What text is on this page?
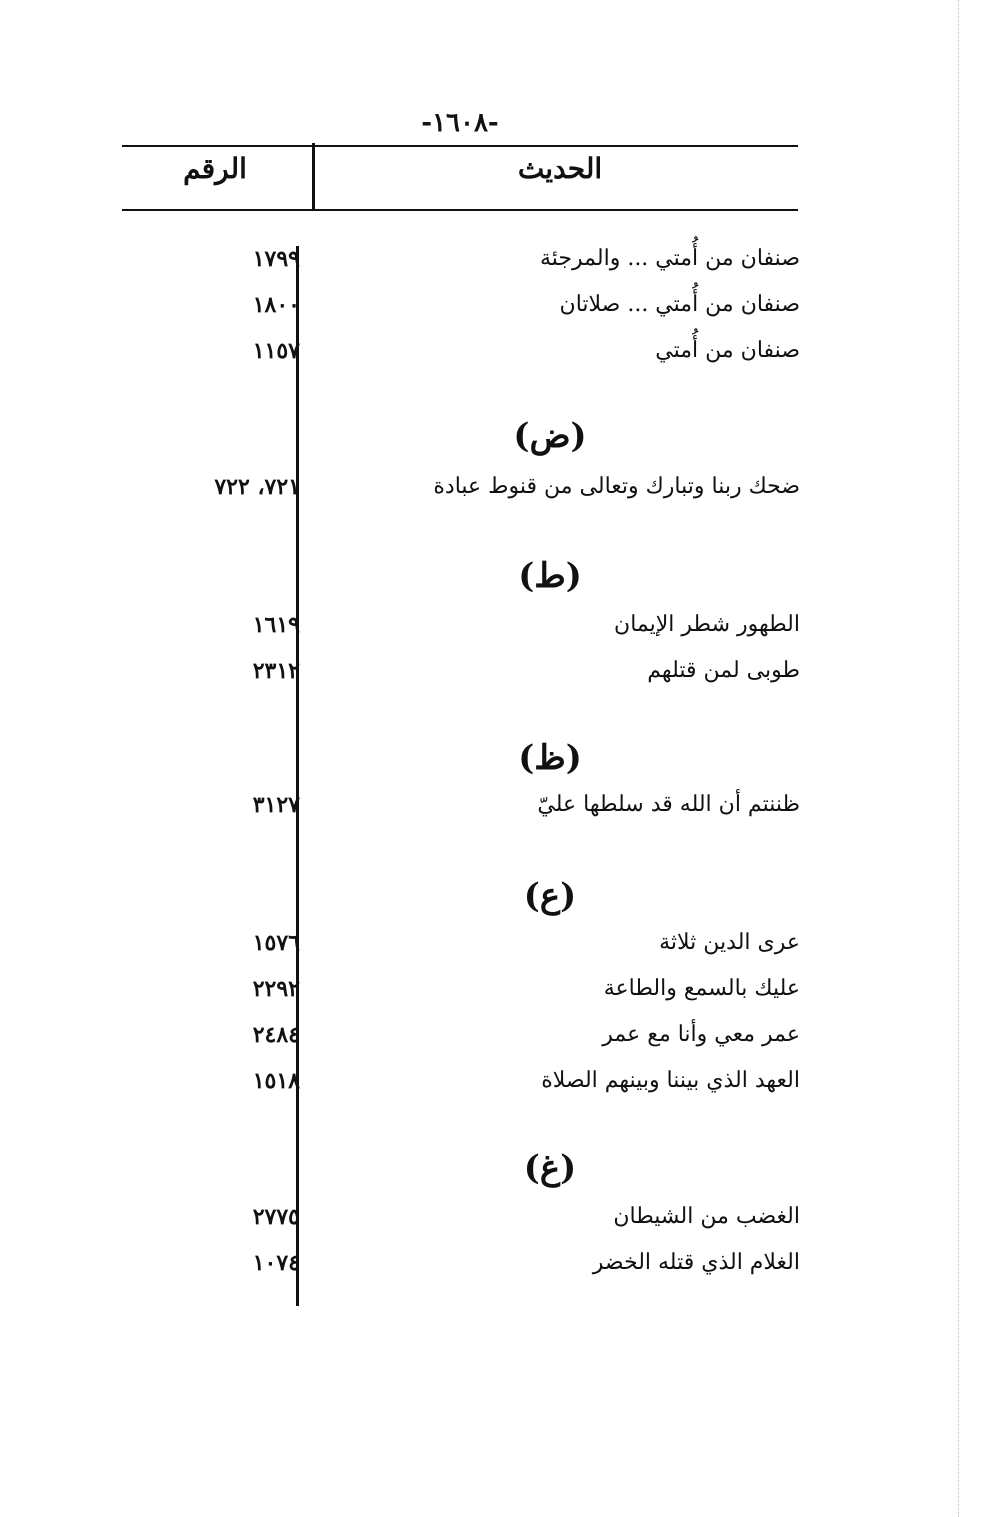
-١٦٠٨-
الحديث
الرقم
صنفان من أُمتي ... والمرجئة
١٧٩٩
صنفان من أُمتي ... صلاتان
١٨٠٠
صنفان من أُمتي
١١٥٧
(ض)
ضحك ربنا وتبارك وتعالى من قنوط عبادة
٧٢١، ٧٢٢
(ط)
الطهور شطر الإيمان
١٦١٩
طوبى لمن قتلهم
٢٣١٢
(ظ)
ظننتم أن الله قد سلطها عليّ
٣١٢٧
(ع)
عرى الدين ثلاثة
١٥٧٦
عليك بالسمع والطاعة
٢٢٩٢
عمر معي وأنا مع عمر
٢٤٨٤
العهد الذي بيننا وبينهم الصلاة
١٥١٨
(غ)
الغضب من الشيطان
٢٧٧٥
الغلام الذي قتله الخضر
١٠٧٤
